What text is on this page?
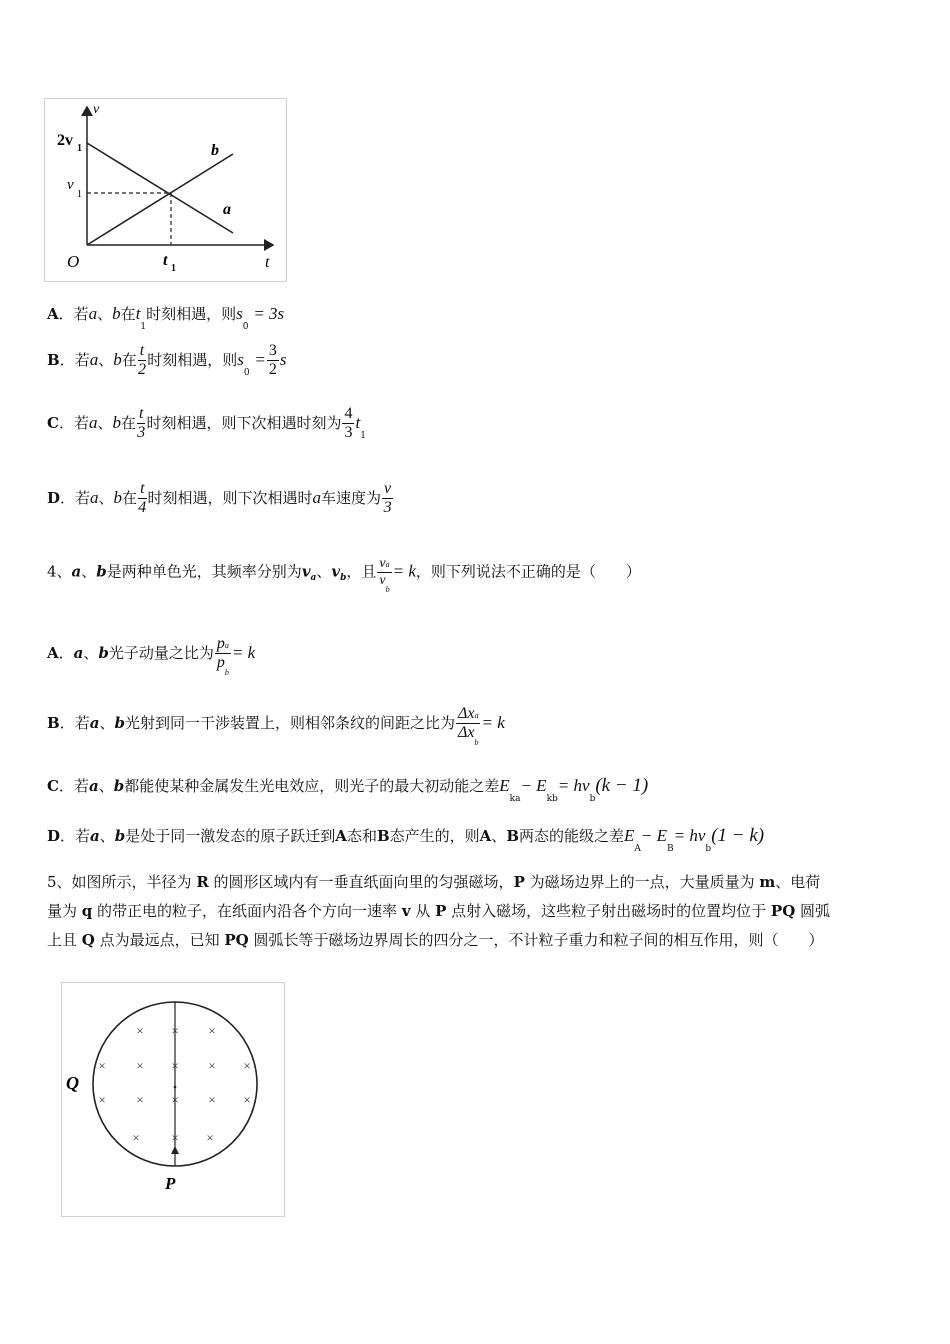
v
t
2v 1
v
1
O	t 1
b
a
A．若a、b在$t_1$时刻相遇，则$s_0 = 3s$
B．若a、b在 $\frac{t}{2}$ 时刻相遇，则$s_0 = \frac{3}{2}$ s
C．若a、b在 $\frac{t}{3}$ 时刻相遇，则下次相遇时刻为 $\frac{4}{3} t_1$
D．若a、b在 $\frac{t}{4}$ 时刻相遇，则下次相遇时a车速度为 $\frac{v}{3}$
4、a、b是两种单色光，其频率分别为$v_a$、$v_b$，且 $\frac{va}{v_b} = k$，则下列说法不正确的是（　　）
A．a、b光子动量之比为 $\frac{pa}{p_b} = k$
B．若a、b光射到同一干涉装置上，则相邻条纹的间距之比为 $\frac{\text{Δxa}}{\Delta x_b} = k$
C．若a、b都能使某种金属发生光电效应，则光子的最大初动能之差$E_{ka}- E_{kb}= hv_b(k - 1)$
D．若a、b是处于同一激发态的原子跃迁到A态和B态产生的，则A、B两态的能级之差$E_A- E_B= hv_b(1 - k)$
5、如图所示，半径为 R 的圆形区域内有一垂直纸面向里的匀强磁场，P 为磁场边界上的一点，大量质量为 m、电荷
量为 q 的带正电的粒子，在纸面内沿各个方向一速率 v 从 P 点射入磁场，这些粒子射出磁场时的位置均位于 PQ 圆弧
上且 Q 点为最远点，已知 PQ 圆弧长等于磁场边界周长的四分之一，不计粒子重力和粒子间的相互作用，则（　　）
× × ×
× × × × ×
× × × × ×
× × ×
Q
P
